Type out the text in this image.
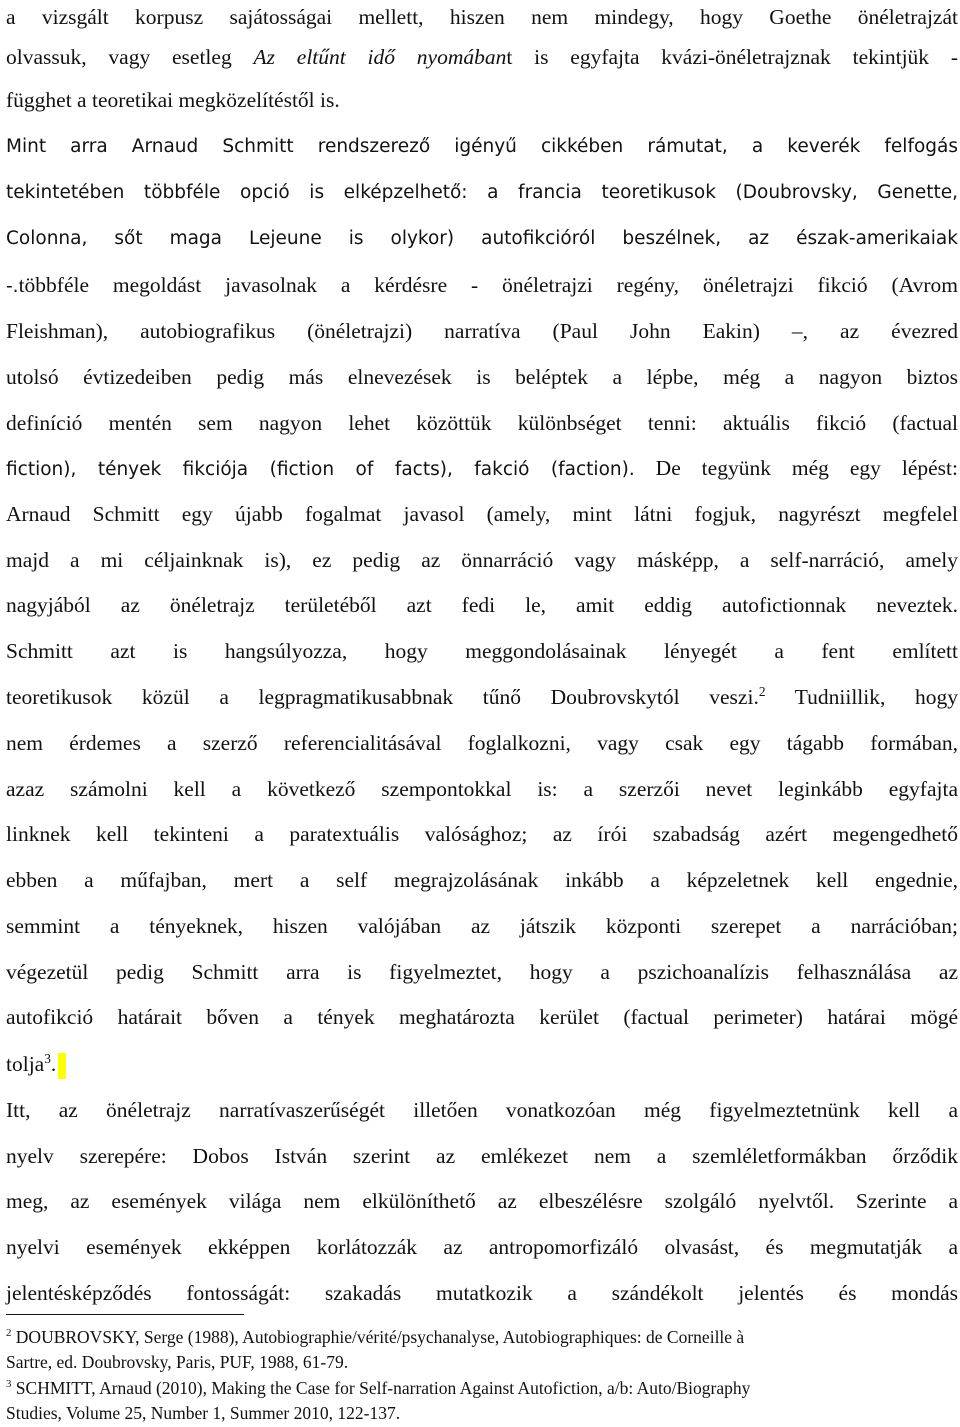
a vizsgált korpusz sajátosságai mellett, hiszen nem mindegy, hogy Goethe önéletrajzát
olvassuk, vagy esetleg Az eltűnt idő nyomábant is egyfajta kvázi-önéletrajznak tekintjük -
függhet a teoretikai megközelítéstől is.
Mint arra Arnaud Schmitt rendszerező igényű cikkében rámutat, a keverék felfogás
tekintetében többféle opció is elképzelhető: a francia teoretikusok (Doubrovsky, Genette,
Colonna, sőt maga Lejeune is olykor) autofikcióról beszélnek, az észak-amerikaiak
-.többféle megoldást javasolnak a kérdésre - önéletrajzi regény, önéletrajzi fikció (Avrom
Fleishman), autobiografikus (önéletrajzi) narratíva (Paul John Eakin) –, az évezred
utolsó évtizedeiben pedig más elnevezések is beléptek a lépbe, még a nagyon biztos
definíció mentén sem nagyon lehet közöttük különbséget tenni: aktuális fikció (factual
fiction), tények fikciója (fiction of facts), fakció (faction). De tegyünk még egy lépést:
Arnaud Schmitt egy újabb fogalmat javasol (amely, mint látni fogjuk, nagyrészt megfelel
majd a mi céljainknak is), ez pedig az önnarráció vagy másképp, a self-narráció, amely
nagyjából az önéletrajz területéből azt fedi le, amit eddig autofictionnak neveztek.
Schmitt azt is hangsúlyozza, hogy meggondolásainak lényegét a fent említett
teoretikusok közül a legpragmatikusabbnak tűnő Doubrovskytól veszi.$^2$ Tudniillik, hogy
nem érdemes a szerző referencialitásával foglalkozni, vagy csak egy tágabb formában,
azaz számolni kell a következő szempontokkal is: a szerzői nevet leginkább egyfajta
linknek kell tekinteni a paratextuális valósághoz; az írói szabadság azért megengedhető
ebben a műfajban, mert a self megrajzolásának inkább a képzeletnek kell engednie,
semmint a tényeknek, hiszen valójában az játszik központi szerepet a narrációban;
végezetül pedig Schmitt arra is figyelmeztet, hogy a pszichoanalízis felhasználása az
autofikció határait bőven a tények meghatározta kerület (factual perimeter) határai mögé
tolja$^3$.
Itt, az önéletrajz narratívaszerűségét illetően vonatkozóan még figyelmeztetnünk kell a
nyelv szerepére: Dobos István szerint az emlékezet nem a szemléletformákban őrződik
meg, az események világa nem elkülöníthető az elbeszélésre szolgáló nyelvtől. Szerinte a
nyelvi események ekképpen korlátozzák az antropomorfizáló olvasást, és megmutatják a
jelentésképződés fontosságát: szakadás mutatkozik a szándékolt jelentés és mondás
$^2$ DOUBROVSKY, Serge (1988), Autobiographie/vérité/psychanalyse, Autobiographiques: de Corneille à
Sartre, ed. Doubrovsky, Paris, PUF, 1988, 61-79.
$^3$ SCHMITT, Arnaud (2010), Making the Case for Self-narration Against Autofiction, a/b: Auto/Biography
Studies, Volume 25, Number 1, Summer 2010, 122-137.
